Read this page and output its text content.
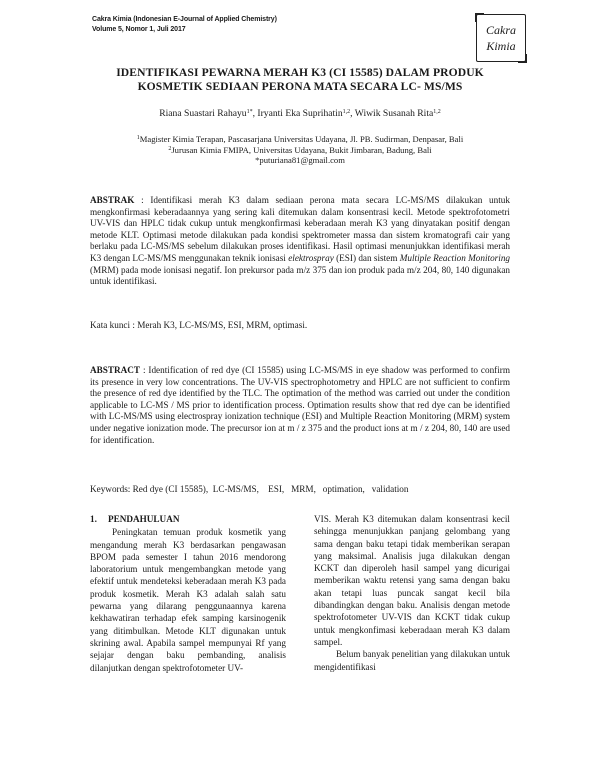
Cakra Kimia (Indonesian E-Journal of Applied Chemistry)
Volume 5, Nomor 1, Juli 2017	Cakra
Kimia
IDENTIFIKASI PEWARNA MERAH K3 (CI 15585) DALAM PRODUK KOSMETIK SEDIAAN PERONA MATA SECARA LC- MS/MS
Riana Suastari Rahayu$^{1*}$, Iryanti Eka Suprihatin$^{1,2}$, Wiwik Susanah Rita$^{1,2}$
$^1$Magister Kimia Terapan, Pascasarjana Universitas Udayana, Jl. PB. Sudirman, Denpasar, Bali
$^2$Jurusan Kimia FMIPA, Universitas Udayana, Bukit Jimbaran, Badung, Bali
*puturiana81@gmail.com
ABSTRAK : Identifikasi merah K3 dalam sediaan perona mata secara LC-MS/MS dilakukan untuk mengkonfirmasi keberadaannya yang sering kali ditemukan dalam konsentrasi kecil. Metode spektrofotometri UV-VIS dan HPLC tidak cukup untuk mengkonfirmasi keberadaan merah K3 yang dinyatakan positif dengan metode KLT. Optimasi metode dilakukan pada kondisi spektrometer massa dan sistem kromatografi cair yang berlaku pada LC-MS/MS sebelum dilakukan proses identifikasi. Hasil optimasi menunjukkan identifikasi merah K3 dengan LC-MS/MS menggunakan teknik ionisasi elektrospray (ESI) dan sistem Multiple Reaction Monitoring (MRM) pada mode ionisasi negatif. Ion prekursor pada m/z 375 dan ion produk pada m/z 204, 80, 140 digunakan untuk identifikasi.
Kata kunci : Merah K3, LC-MS/MS, ESI, MRM, optimasi.
ABSTRACT : Identification of red dye (CI 15585) using LC-MS/MS in eye shadow was performed to confirm its presence in very low concentrations. The UV-VIS spectrophotometry and HPLC are not sufficient to confirm the presence of red dye identified by the TLC. The optimation of the method was carried out under the condition applicable to LC-MS / MS prior to identification process. Optimation results show that red dye can be identified with LC-MS/MS using electrospray ionization technique (ESI) and Multiple Reaction Monitoring (MRM) system under negative ionization mode. The precursor ion at m / z 375 and the product ions at m / z 204, 80, 140 are used for identification.
Keywords: Red dye (CI 15585),  LC-MS/MS,    ESI,   MRM,   optimation,   validation
1. PENDAHULUAN

Peningkatan temuan produk kosmetik yang mengandung merah K3 berdasarkan pengawasan BPOM pada semester I tahun 2016 mendorong laboratorium untuk mengembangkan metode yang efektif untuk mendeteksi keberadaan merah K3 pada produk kosmetik. Merah K3 adalah salah satu pewarna yang dilarang penggunaannya karena kekhawatiran terhadap efek samping karsinogenik yang ditimbulkan. Metode KLT digunakan untuk skrining awal. Apabila sampel mempunyai Rf yang sejajar dengan baku pembanding, analisis dilanjutkan dengan spektrofotometer UV-

VIS. Merah K3 ditemukan dalam konsentrasi kecil sehingga menunjukkan panjang gelombang yang sama dengan baku tetapi tidak memberikan serapan yang maksimal. Analisis juga dilakukan dengan KCKT dan diperoleh hasil sampel yang dicurigai memberikan waktu retensi yang sama dengan baku akan tetapi luas puncak sangat kecil bila dibandingkan dengan baku. Analisis dengan metode spektrofotometer UV-VIS dan KCKT tidak cukup untuk mengkonfimasi keberadaan merah K3 dalam sampel.

Belum banyak penelitian yang dilakukan untuk mengidentifikasi
